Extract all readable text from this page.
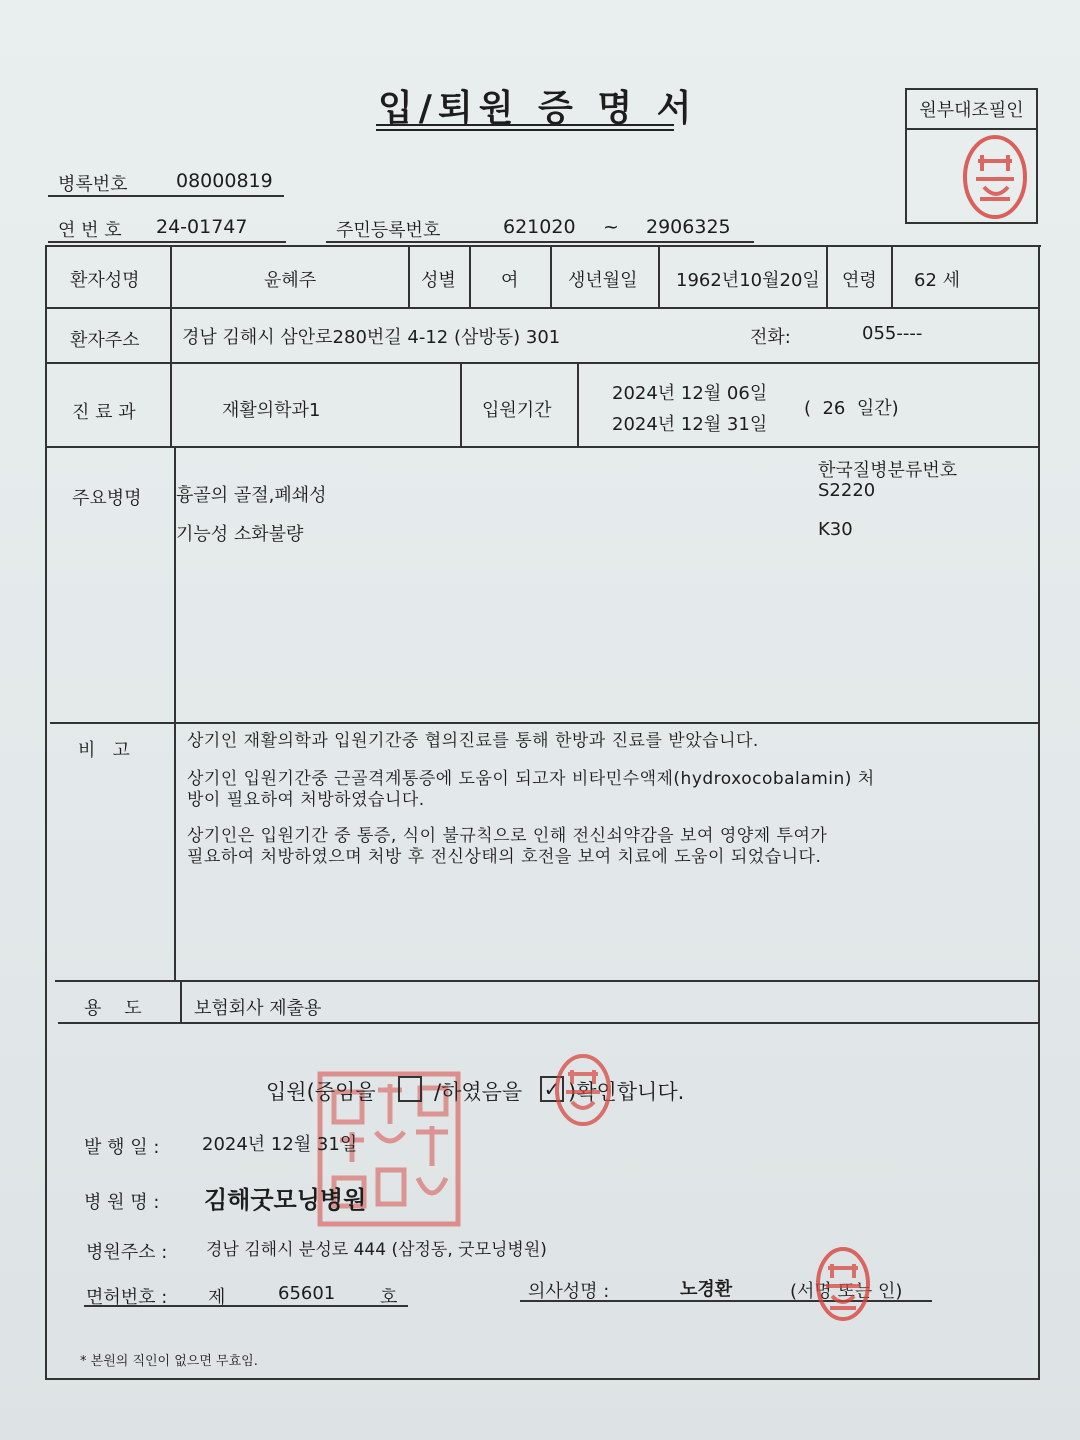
입/퇴원 증 명 서	원부대조필인
병록번호	08000819
연 번 호 24-01747	주민등록번호	621020 ~ 2906325
환자성명	윤혜주	성별	여	생년월일 1962년10월20일 연령 62 세
환자주소 경남 김해시 삼안로280번길 4-12 (삼방동) 301	전화:	055----
진 료 과	재활의학과1	입원기간
2024년 12월 06일
2024년 12월 31일
(  26  일간)
주요병명
한국질병분류번호
흉골의 골절,폐쇄성	S2220
기능성 소화불량	K30
비   고	상기인 재활의학과 입원기간중 협의진료를 통해 한방과 진료를 받았습니다.
상기인 입원기간중 근골격계통증에 도움이 되고자 비타민수액제(hydroxocobalamin) 처
방이 필요하여 처방하였습니다.
상기인은 입원기간 중 통증, 식이 불규칙으로 인해 전신쇠약감을 보여 영양제 투여가
필요하여 처방하였으며 처방 후 전신상태의 호전을 보여 치료에 도움이 되었습니다.
용    도	보험회사 제출용
입원(중임을	/하였음을 ✓ )확인합니다.
발 행 일 : 2024년 12월 31일
병 원 명 : 김해굿모닝병원
병원주소 : 경남 김해시 분성로 444 (삼정동, 굿모닝병원)
면허번호 : 제	65601 호	의사성명 :	노경환	(서명 또는 인)
* 본원의 직인이 없으면 무효임.
